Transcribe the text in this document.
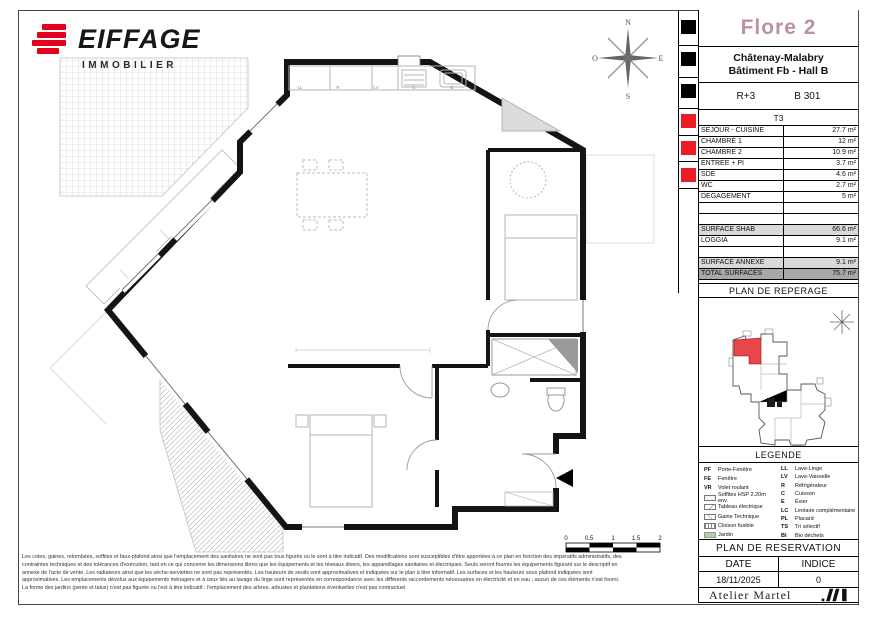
LL	R	LV	C	E
N
E
S
O
0	0.5	1	1.5	2
EIFFAGE
IMMOBILIER
Flore 2
Châtenay-Malabry
Bâtiment Fb - Hall B
R+3	B 301
T3
SEJOUR - CUISINE	27.7 m²
CHAMBRE 1	12 m²
CHAMBRE 2	10.9 m²
ENTREE + PI	3.7 m²
SDE	4.6 m²
WC	2.7 m²
DEGAGEMENT	5 m²
SURFACE SHAB	66.6 m²
LOGGIA	9.1 m²
SURFACE ANNEXE	9.1 m²
TOTAL SURFACES	75.7 m²
PLAN DE REPERAGE
LEGENDE
PF	Porte-Fenêtre
FE	Fenêtre
VR	Volet roulant
Soffites HSP 2.20m env.
Tableau électrique
Gaine Technique
Cloison fusible
Jardin
LL	Lave-Linge
LV	Lave-Vaisselle
R	Réfrigérateur
C	Cuisson
E	Évier
LC	Linéaire complémentaire
PL	Placard
TS	Tri sélectif
BI	Bio déchets
PLAN DE RESERVATION
DATE	INDICE
18/11/2025	0
Atelier Martel
Les cotes, gaines, retombées, soffites et faux-plafond ainsi que l'emplacement des sanitaires ne sont pas tous figurés ou le sont à titre indicatif. Des modifications sont susceptibles d'être apportées à ce plan en fonction des impératifs administratifs, des
contraintes techniques et des tolérances d'exécution, tant en ce qui concerne les dimensions libres que les équipements et les réseaux divers, les appareillages sanitaires et électriques. Seuls seront fournis les équipements figurant sur le descriptif en
annexe de l'acte de vente. Les radiateurs ainsi que les sèche-serviettes ne sont pas représentés. Les hauteurs de seuils sont approximatives et indiquées sur le plan à titre informatif. Les surfaces et les hauteurs sous plafond indiquées sont
approximatives. Les emplacements dévolus aux équipements ménagers et à ceux liés au lavage du linge sont représentés en correspondance avec les différents raccordements nécessaires en électricité et en eau ; aucun de ces éléments n'est fourni.
La forme des jardins (pente et talus) n'est pas figurée ou l'est à titre indicatif : l'emplacement des arbres, arbustes et plantations éventuelles n'est pas contractuel
